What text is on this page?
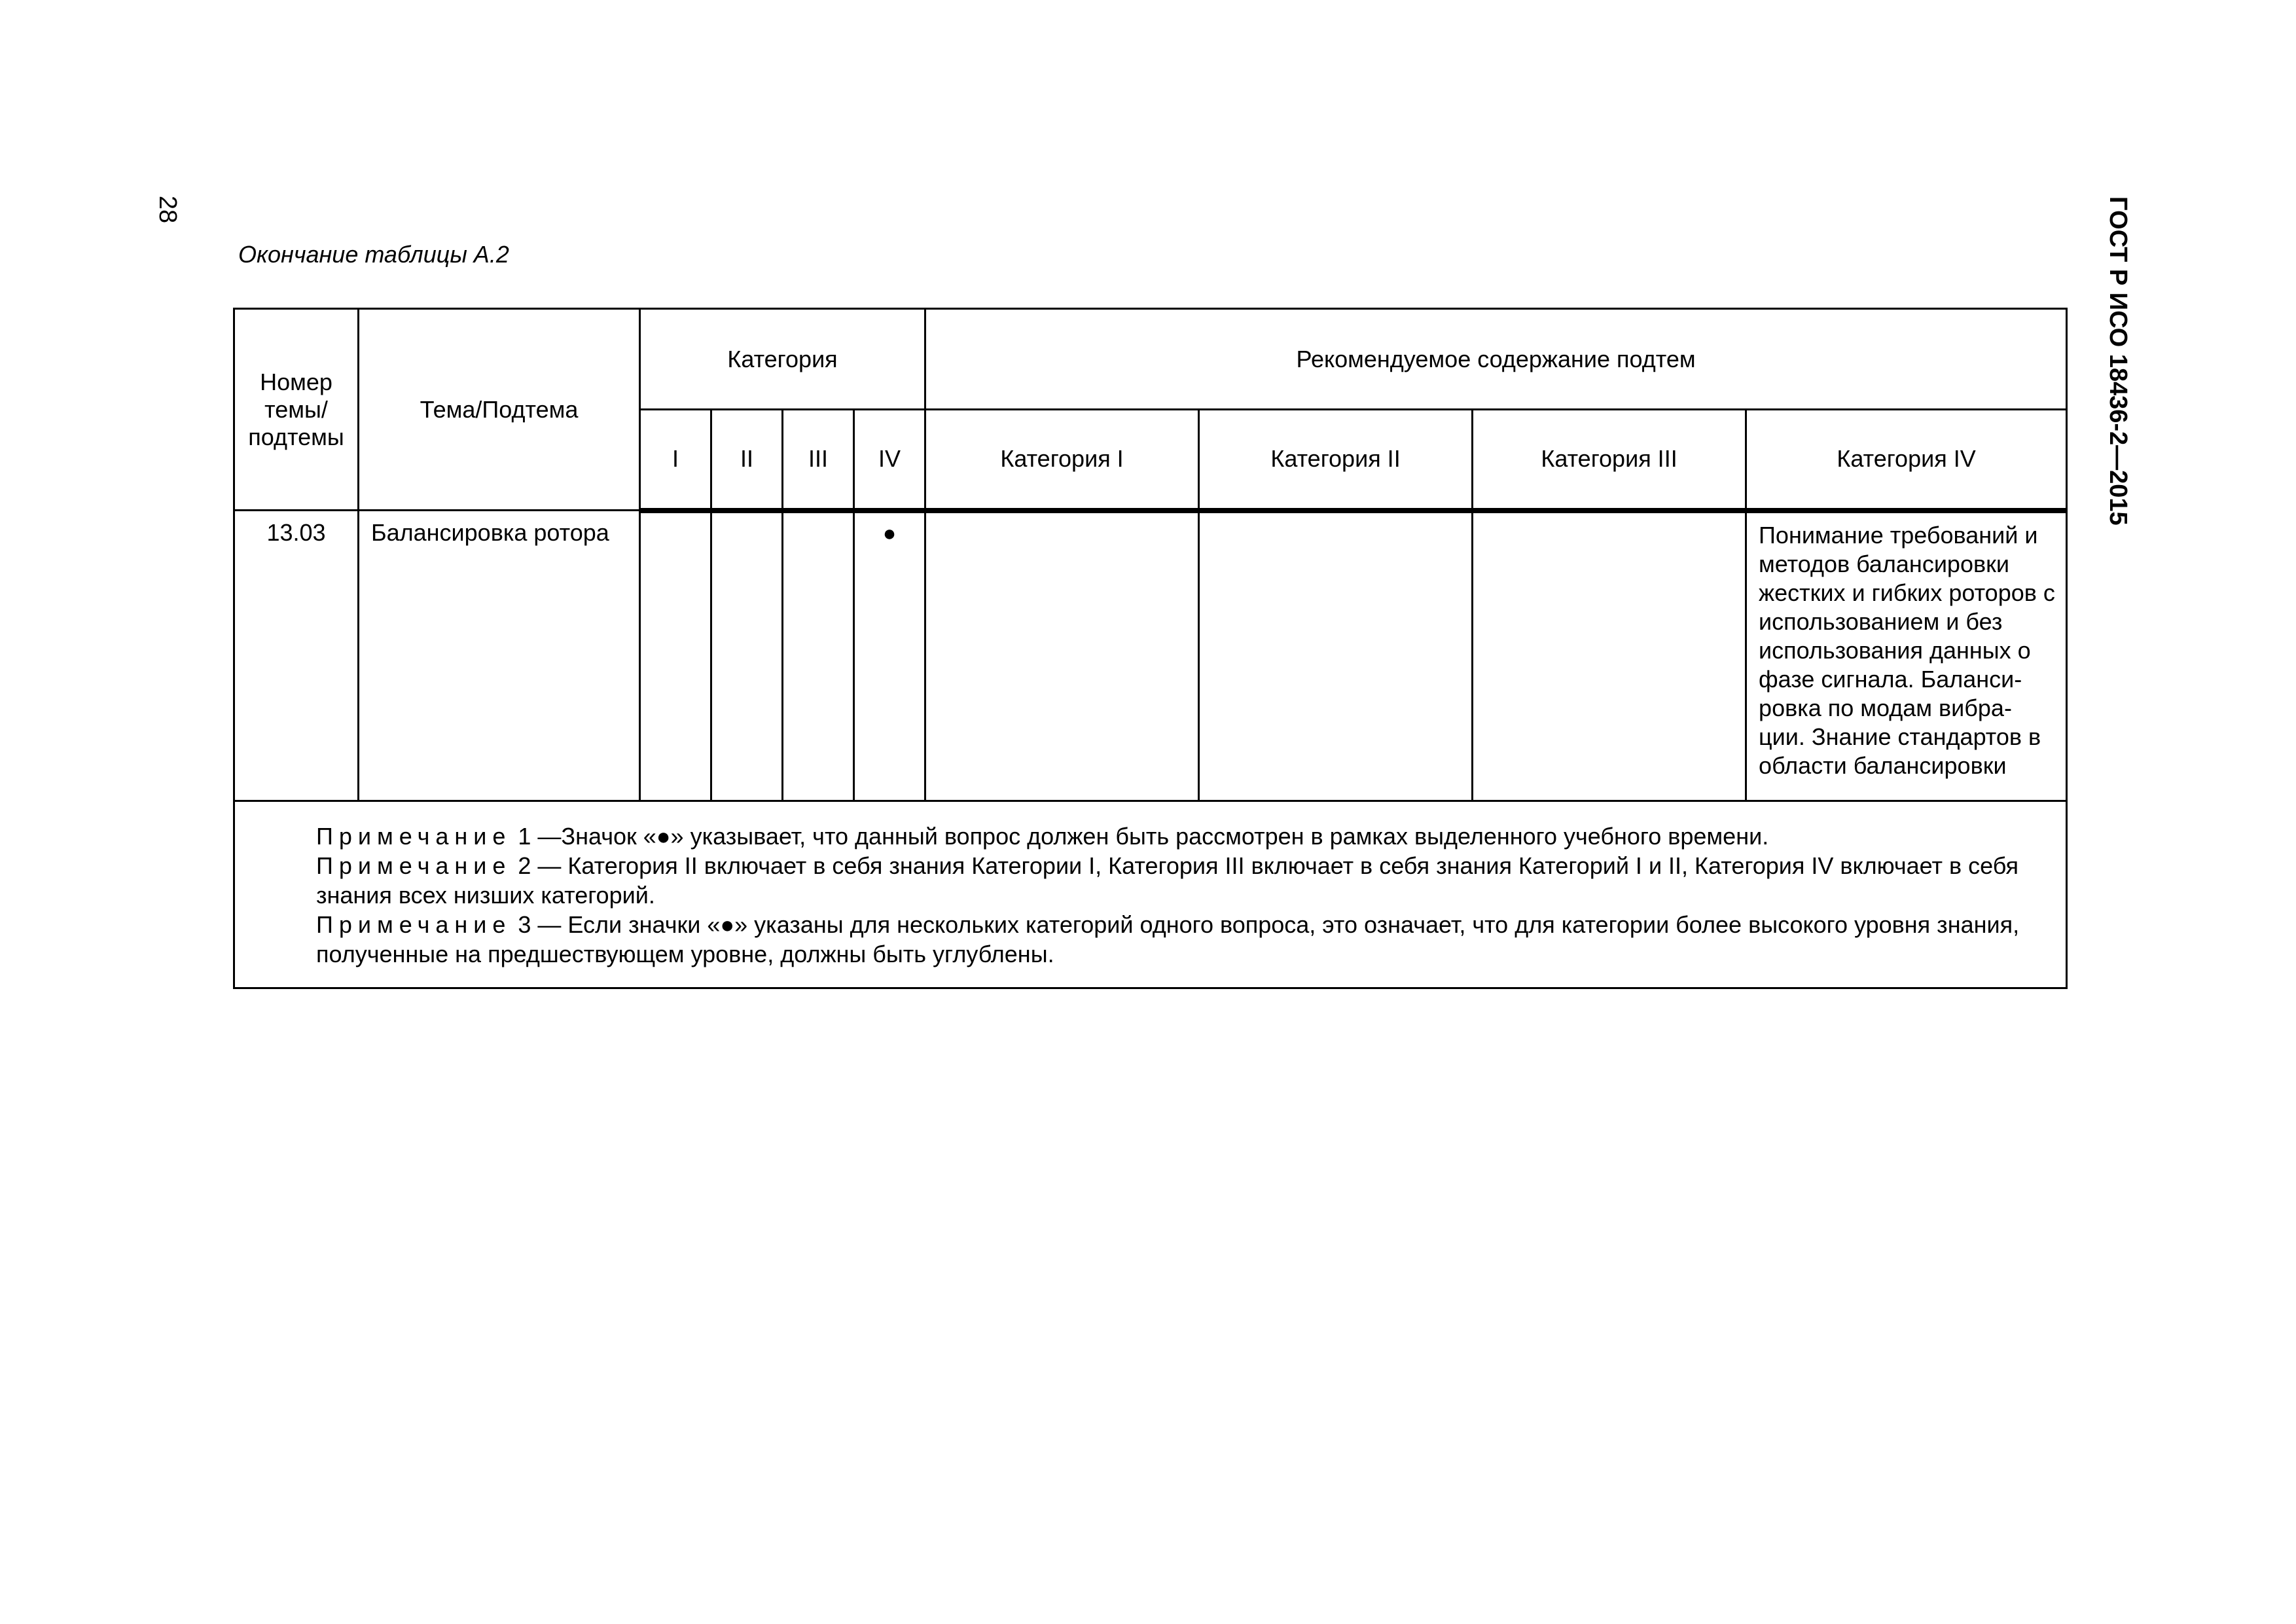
28	ГОСТ Р ИСО 18436-2—2015
Окончание таблицы А.2
Номер темы/ подтемы	Тема/Подтема	Категория				Рекомендуемое содержание подтем			
		I	II	III	IV	Категория I	Категория II	Категория III	Категория IV
13.03	Балансировка ротора				●				Понимание требований и методов балансировки жестких и гибких роторов с использованием и без использования данных о фазе сигнала. Баланси-ровка по модам вибра-ции. Знание стандартов в области балансировки

Примечание 1 —Значок «●» указывает, что данный вопрос должен быть рассмотрен в рамках выделенного учебного времени.
Примечание 2 — Категория II включает в себя знания Категории I, Категория III включает в себя знания Категорий I и II, Категория IV включает в себя знания всех низших категорий.
Примечание 3 — Если значки «●» указаны для нескольких категорий одного вопроса, это означает, что для категории более высокого уровня знания, полученные на предшествующем уровне, должны быть углублены.									
